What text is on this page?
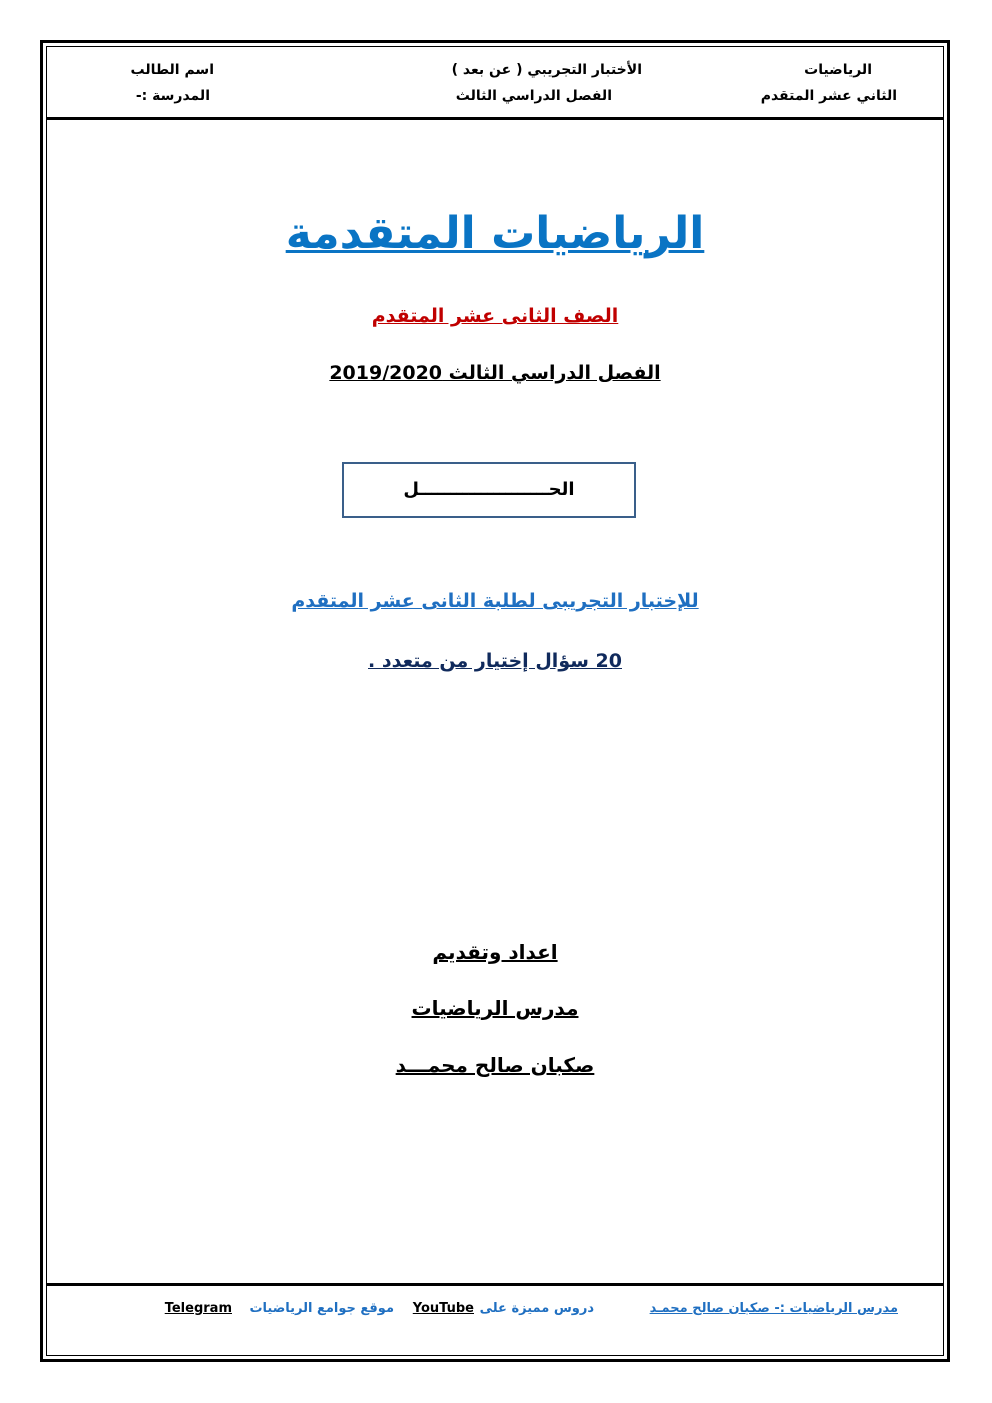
الرياضيات
الثاني عشر المتقدم
الأختبار التجريبي ( عن بعد )
الفصل الدراسي الثالث
اسم الطالب
المدرسة :-
الرياضيات المتقدمة
الصف الثانى عشر المتقدم
الفصل الدراسي الثالث 2019/2020
الحـــــــــــــــــــــل
للإختبار التجريبى لطلبة الثانى عشر المتقدم
20 سؤال إختيار من متعدد .
اعداد وتقديم
مدرس الرياضيات
صكبان صالح محمـــد
مدرس الرياضيات :- صكبان صالح محمـد
دروس مميزة على
YouTube
موقع جوامع الرياضيات
Telegram
